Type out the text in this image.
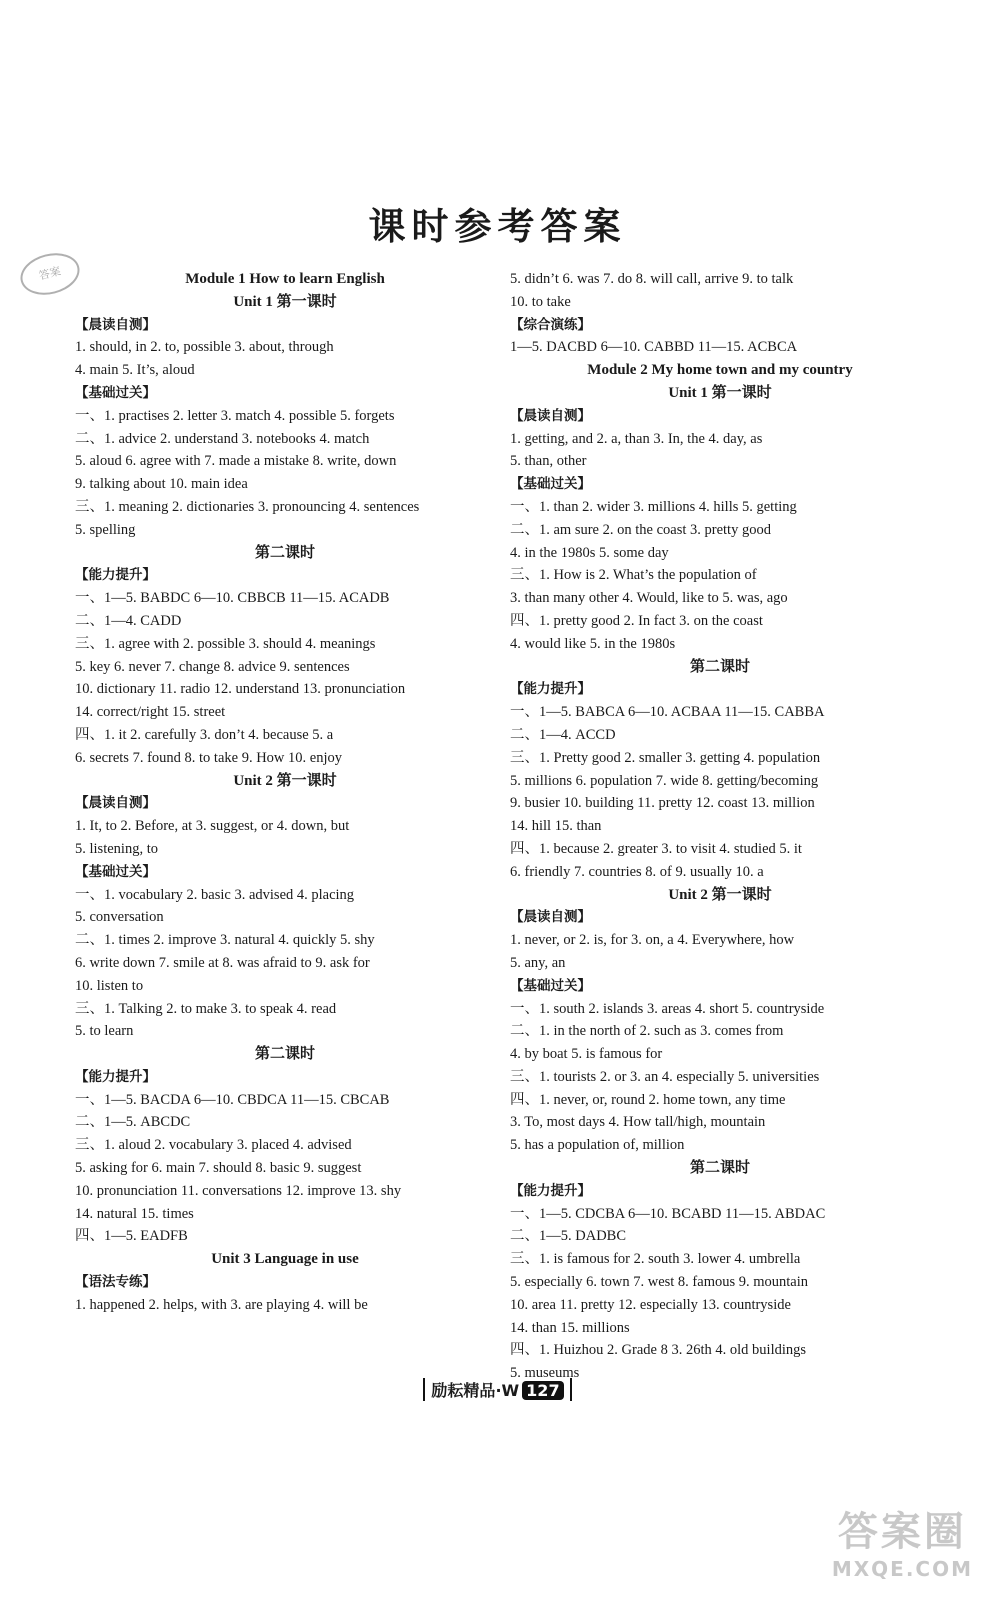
课时参考答案
答案	Module 1 How to learn English
Unit 1 第一课时
【晨读自测】
1. should, in 2. to, possible 3. about, through
4. main 5. It’s, aloud
【基础过关】
一、1. practises 2. letter 3. match 4. possible 5. forgets
二、1. advice 2. understand 3. notebooks 4. match
5. aloud 6. agree with 7. made a mistake 8. write, down
9. talking about 10. main idea
三、1. meaning 2. dictionaries 3. pronouncing 4. sentences
5. spelling
第二课时
【能力提升】
一、1—5. BABDC 6—10. CBBCB 11—15. ACADB
二、1—4. CADD
三、1. agree with 2. possible 3. should 4. meanings
5. key 6. never 7. change 8. advice 9. sentences
10. dictionary 11. radio 12. understand 13. pronunciation
14. correct/right 15. street
四、1. it 2. carefully 3. don’t 4. because 5. a
6. secrets 7. found 8. to take 9. How 10. enjoy
Unit 2 第一课时
【晨读自测】
1. It, to 2. Before, at 3. suggest, or 4. down, but
5. listening, to
【基础过关】
一、1. vocabulary 2. basic 3. advised 4. placing
5. conversation
二、1. times 2. improve 3. natural 4. quickly 5. shy
6. write down 7. smile at 8. was afraid to 9. ask for
10. listen to
三、1. Talking 2. to make 3. to speak 4. read
5. to learn
第二课时
【能力提升】
一、1—5. BACDA 6—10. CBDCA 11—15. CBCAB
二、1—5. ABCDC
三、1. aloud 2. vocabulary 3. placed 4. advised
5. asking for 6. main 7. should 8. basic 9. suggest
10. pronunciation 11. conversations 12. improve 13. shy
14. natural 15. times
四、1—5. EADFB
Unit 3 Language in use
【语法专练】
1. happened 2. helps, with 3. are playing 4. will be
5. didn’t 6. was 7. do 8. will call, arrive 9. to talk
10. to take
【综合演练】
1—5. DACBD 6—10. CABBD 11—15. ACBCA
Module 2 My home town and my country
Unit 1 第一课时
【晨读自测】
1. getting, and 2. a, than 3. In, the 4. day, as
5. than, other
【基础过关】
一、1. than 2. wider 3. millions 4. hills 5. getting
二、1. am sure 2. on the coast 3. pretty good
4. in the 1980s 5. some day
三、1. How is 2. What’s the population of
3. than many other 4. Would, like to 5. was, ago
四、1. pretty good 2. In fact 3. on the coast
4. would like 5. in the 1980s
第二课时
【能力提升】
一、1—5. BABCA 6—10. ACBAA 11—15. CABBA
二、1—4. ACCD
三、1. Pretty good 2. smaller 3. getting 4. population
5. millions 6. population 7. wide 8. getting/becoming
9. busier 10. building 11. pretty 12. coast 13. million
14. hill 15. than
四、1. because 2. greater 3. to visit 4. studied 5. it
6. friendly 7. countries 8. of 9. usually 10. a
Unit 2 第一课时
【晨读自测】
1. never, or 2. is, for 3. on, a 4. Everywhere, how
5. any, an
【基础过关】
一、1. south 2. islands 3. areas 4. short 5. countryside
二、1. in the north of 2. such as 3. comes from
4. by boat 5. is famous for
三、1. tourists 2. or 3. an 4. especially 5. universities
四、1. never, or, round 2. home town, any time
3. To, most days 4. How tall/high, mountain
5. has a population of, million
第二课时
【能力提升】
一、1—5. CDCBA 6—10. BCABD 11—15. ABDAC
二、1—5. DADBC
三、1. is famous for 2. south 3. lower 4. umbrella
5. especially 6. town 7. west 8. famous 9. mountain
10. area 11. pretty 12. especially 13. countryside
14. than 15. millions
四、1. Huizhou 2. Grade 8 3. 26th 4. old buildings
5. museums
励耘精品·W 127
答案圈
MXQE.COM
